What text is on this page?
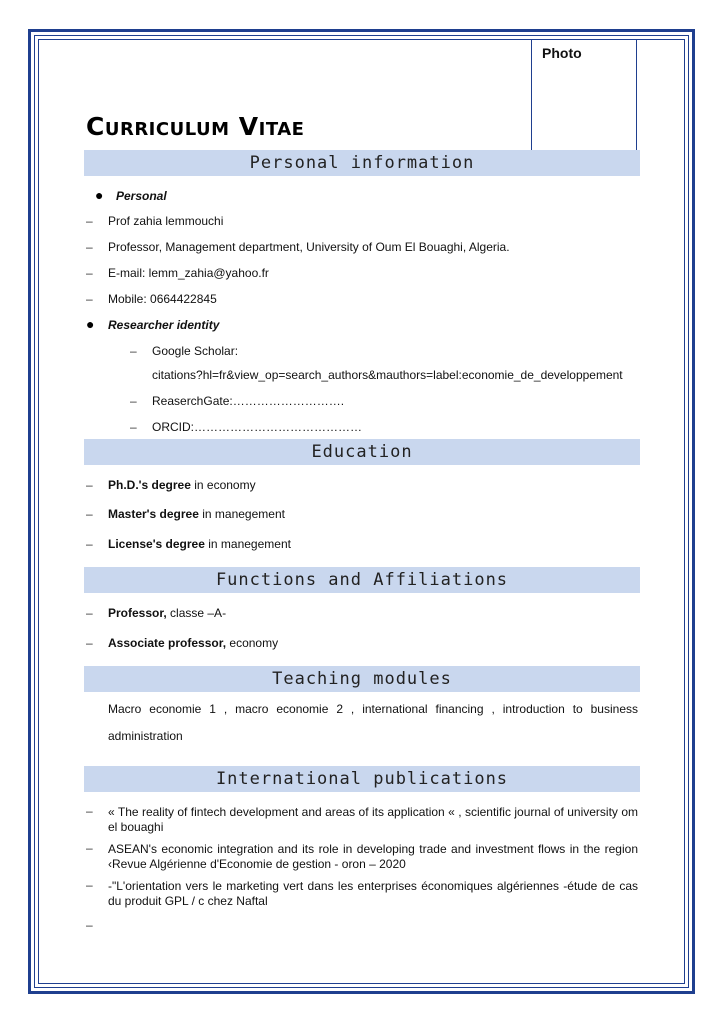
Photo
Curriculum Vitae
Personal information
● Personal
– Prof zahia lemmouchi
– Professor, Management department, University of Oum El Bouaghi, Algeria.
– E-mail: lemm_zahia@yahoo.fr
– Mobile: 0664422845
● Researcher identity
– Google Scholar:
citations?hl=fr&view_op=search_authors&mauthors=label:economie_de_developpement
– ReaserchGate:……………………….
– ORCID:……………………………………
Education
– Ph.D.'s degree in economy
– Master's degree in manegement
– License's degree in manegement
Functions and Affiliations
– Professor, classe –A-
– Associate professor, economy
Teaching modules
Macro economie 1 , macro economie 2 , international financing , introduction to business administration
International publications
– « The reality of fintech development and areas of its application « , scientific journal of university om el bouaghi
– ASEAN's economic integration and its role in developing trade and investment flows in the region ‹Revue Algérienne d'Economie de gestion - oron – 2020
– -"L'orientation vers le marketing vert dans les enterprises économiques algériennes -étude de cas du produit GPL / c chez Naftal
–
